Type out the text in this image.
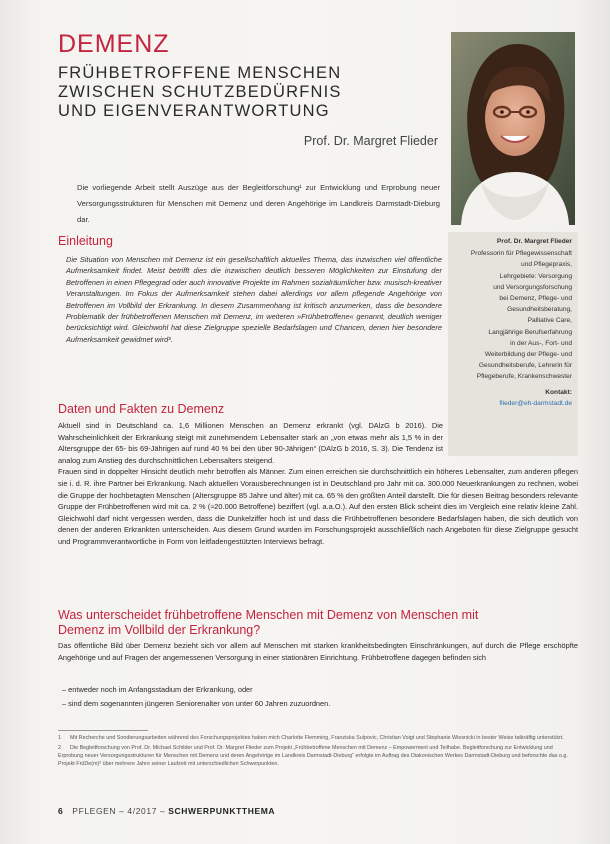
DEMENZ
FRÜHBETROFFENE MENSCHEN
ZWISCHEN SCHUTZBEDÜRFNIS
UND EIGENVERANTWORTUNG

Prof. Dr. Margret Flieder

Die vorliegende Arbeit stellt Auszüge aus der Begleitforschung¹ zur Entwicklung und Erprobung neuer Versorgungsstrukturen für Menschen mit Demenz und deren Angehörige im Landkreis Darmstadt-Dieburg dar.

Einleitung

Die Situation von Menschen mit Demenz ist ein gesellschaftlich aktuelles Thema, das inzwischen viel öffentliche Aufmerksamkeit findet. Meist betrifft dies die inzwischen deutlich besseren Möglichkeiten zur Einstufung der Betroffenen in einen Pflegegrad oder auch innovative Projekte im Rahmen sozialräumlicher bzw. musisch-kreativer Veranstaltungen. Im Fokus der Aufmerksamkeit stehen dabei allerdings vor allem pflegende Angehörige von Betroffenen im Vollbild der Erkrankung. In diesem Zusammenhang ist kritisch anzumerken, dass die besondere Problematik der frühbetroffenen Menschen mit Demenz, im weiteren »Frühbetroffene« genannt, deutlich weniger berücksichtigt wird. Gleichwohl hat diese Zielgruppe spezielle Bedarfslagen und Chancen, denen hier besondere Aufmerksamkeit gewidmet wird².

Prof. Dr. Margret Flieder

Professorin für Pflegewissenschaft

und Pflegepraxis,

Lehrgebiete: Versorgung

und Versorgungsforschung

bei Demenz, Pflege- und

Gesundheitsberatung,

Palliative Care,

Langjährige Berufserfahrung

in der Aus-, Fort- und

Weiterbildung der Pflege- und

Gesundheitsberufe, Lehrerin für

Pflegeberufe, Krankenschwester

Kontakt:

flieder@eh-darmstadt.de

Daten und Fakten zu Demenz

Aktuell sind in Deutschland ca. 1,6 Millionen Menschen an Demenz erkrankt (vgl. DAlzG b 2016). Die Wahrscheinlichkeit der Erkrankung steigt mit zunehmendem Lebensalter stark an „von etwas mehr als 1,5 % in der Altersgruppe der 65- bis 69-Jährigen auf rund 40 % bei den über 90-Jährigen“ (DAlzG b 2016, S. 3). Die Tendenz ist analog zum Anstieg des durchschnittlichen Lebensalters steigend.
Frauen sind in doppelter Hinsicht deutlich mehr betroffen als Männer. Zum einen erreichen sie durchschnittlich ein höheres Lebensalter, zum anderen pflegen sie i. d. R. ihre Partner bei Erkrankung. Nach aktuellen Vorausberechnungen ist in Deutschland pro Jahr mit ca. 300.000 Neuerkrankungen zu rechnen, wobei die Gruppe der hochbetagten Menschen (Altersgruppe 85 Jahre und älter) mit ca. 65 % den größten Anteil darstellt. Die für diesen Beitrag besonders relevante Gruppe der Frühbetroffenen wird mit ca. 2 % (≈20.000 Betroffene) beziffert (vgl. a.a.O.). Auf den ersten Blick scheint dies im Vergleich eine relativ kleine Zahl. Gleichwohl darf nicht vergessen werden, dass die Dunkelziffer hoch ist und dass die Frühbetroffenen besondere Bedarfslagen haben, die sich deutlich von denen der anderen Erkrankten unterscheiden. Aus diesem Grund wurden im Forschungsprojekt ausschließlich nach Angeboten für diese Zielgruppe gesucht und Programmverantwortliche in Form von leitfadengestützten Interviews befragt.

Was unterscheidet frühbetroffene Menschen mit Demenz von Menschen mit Demenz im Vollbild der Erkrankung?

Das öffentliche Bild über Demenz bezieht sich vor allem auf Menschen mit starken krankheitsbedingten Einschränkungen, auf durch die Pflege erschöpfte Angehörige und auf Fragen der angemessenen Versorgung in einer stationären Einrichtung. Frühbetroffene dagegen befinden sich

– entweder noch im Anfangsstadium der Erkrankung, oder
– sind dem sogenannten jüngeren Seniorenalter von unter 60 Jahren zuzuordnen.

1 Mit Recherche und Sondierungsarbeiten während des Forschungsprojektes haben mich Charlotte Flemming, Franziska Sulpovic, Christian Voigt und Stephanie Wiesnicki in bester Weise tatkräftig unterstützt.

2 Die Begleitforschung von Prof. Dr. Michael Schilder und Prof. Dr. Margret Flieder zum Projekt „Frühbetroffene Menschen mit Demenz – Empowerment und Teilhabe. Begleitforschung zur Entwicklung und Erprobung neuer Versorgungsstrukturen für Menschen mit Demenz und deren Angehörige im Landkreis Darmstadt-Dieburg“ erfolgte im Auftrag des Diakonischen Werkes Darmstadt-Dieburg und beforschte das o.g. Projekt FrüDe(m)² über mehrere Jahre seiner Laufzeit mit unterschiedlichen Schwerpunkten.

6 PFLEGEN – 4/2017 – SCHWERPUNKTTHEMA
